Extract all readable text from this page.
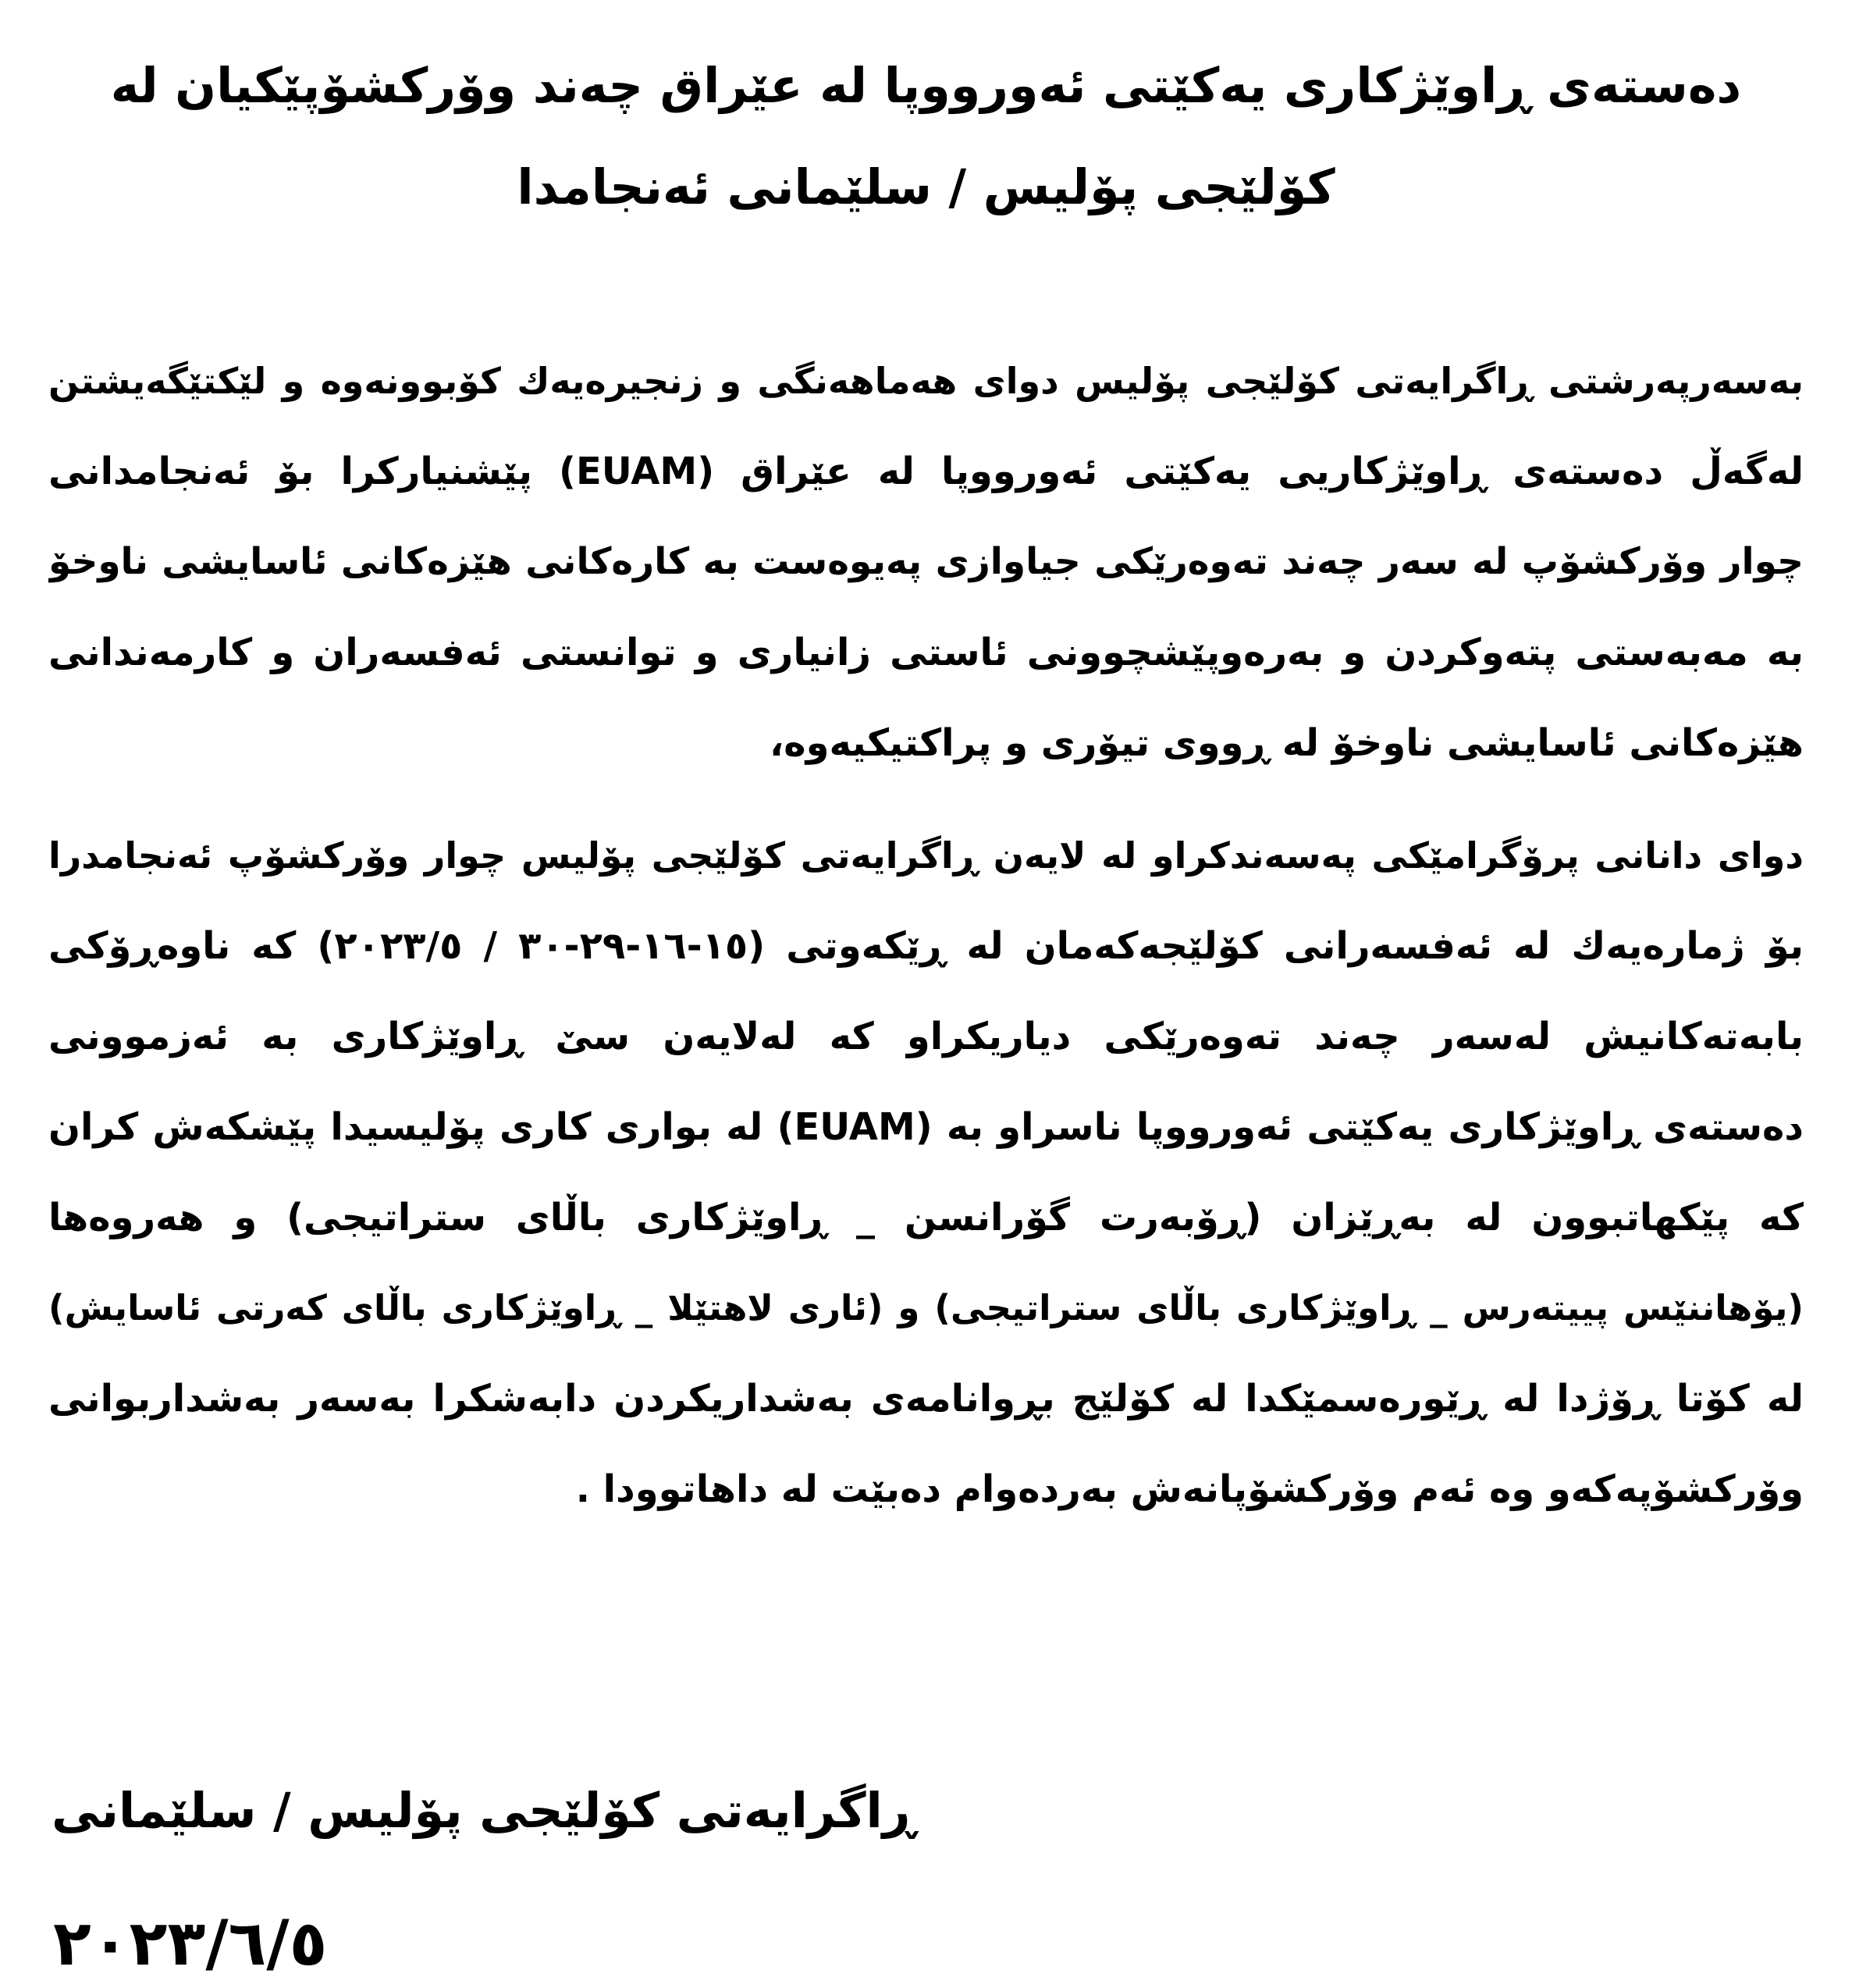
دەستەی ڕاوێژکاری یەکێتی ئەورووپا لە عێراق چەند وۆرکشۆپێکیان لە
کۆلێجی پۆلیس / سلێمانی ئەنجامدا
بەسەرپەرشتی ڕاگرایەتی کۆلێجی پۆلیس دوای هەماهەنگی و زنجیرەیەك کۆبوونەوە و لێکتێگەیشتن
لەگەڵ دەستەی ڕاوێژکاریی یەکێتی ئەورووپا لە عێراق (EUAM) پێشنیارکرا بۆ ئەنجامدانی
چوار وۆرکشۆپ لە سەر چەند تەوەرێکی جیاوازی پەیوەست بە کارەکانی هێزەکانی ئاسایشی ناوخۆ
بە مەبەستی پتەوکردن و بەرەوپێشچوونی ئاستی زانیاری و توانستی ئەفسەران و کارمەندانی
هێزەکانی ئاسایشی ناوخۆ لە ڕووی تیۆری و پراکتیکیەوە،
دوای دانانی پرۆگرامێکی پەسەندکراو لە لایەن ڕاگرایەتی کۆلێجی پۆلیس چوار وۆرکشۆپ ئەنجامدرا
بۆ ژمارەیەك لە ئەفسەرانی کۆلێجەکەمان لە ڕێکەوتی (١٥-١٦-٢٩-٣٠ / ٢٠٢٣/٥) کە ناوەڕۆکی
بابەتەکانیش لەسەر چەند تەوەرێکی دیاریکراو کە لەلایەن سێ ڕاوێژکاری بە ئەزموونی
دەستەی ڕاوێژکاری یەکێتی ئەورووپا ناسراو بە (EUAM) لە بواری کاری پۆلیسیدا پێشکەش کران
کە پێکهاتبوون لە بەڕێزان (ڕۆبەرت گۆرانسن _ ڕاوێژکاری باڵای ستراتیجی) و هەروەها
(یۆهاننێس پییتەرس _ ڕاوێژکاری باڵای ستراتیجی) و (ئاری لاهتێلا _ ڕاوێژکاری باڵای کەرتی ئاسایش)
لە کۆتا ڕۆژدا لە ڕێورەسمێکدا لە کۆلێج بڕوانامەی بەشداریکردن دابەشکرا بەسەر بەشداربوانی
وۆرکشۆپەکەو وە ئەم وۆرکشۆپانەش بەردەوام دەبێت لە داهاتوودا .
ڕاگرایەتی کۆلێجی پۆلیس / سلێمانی
٢٠٢٣/٦/٥
